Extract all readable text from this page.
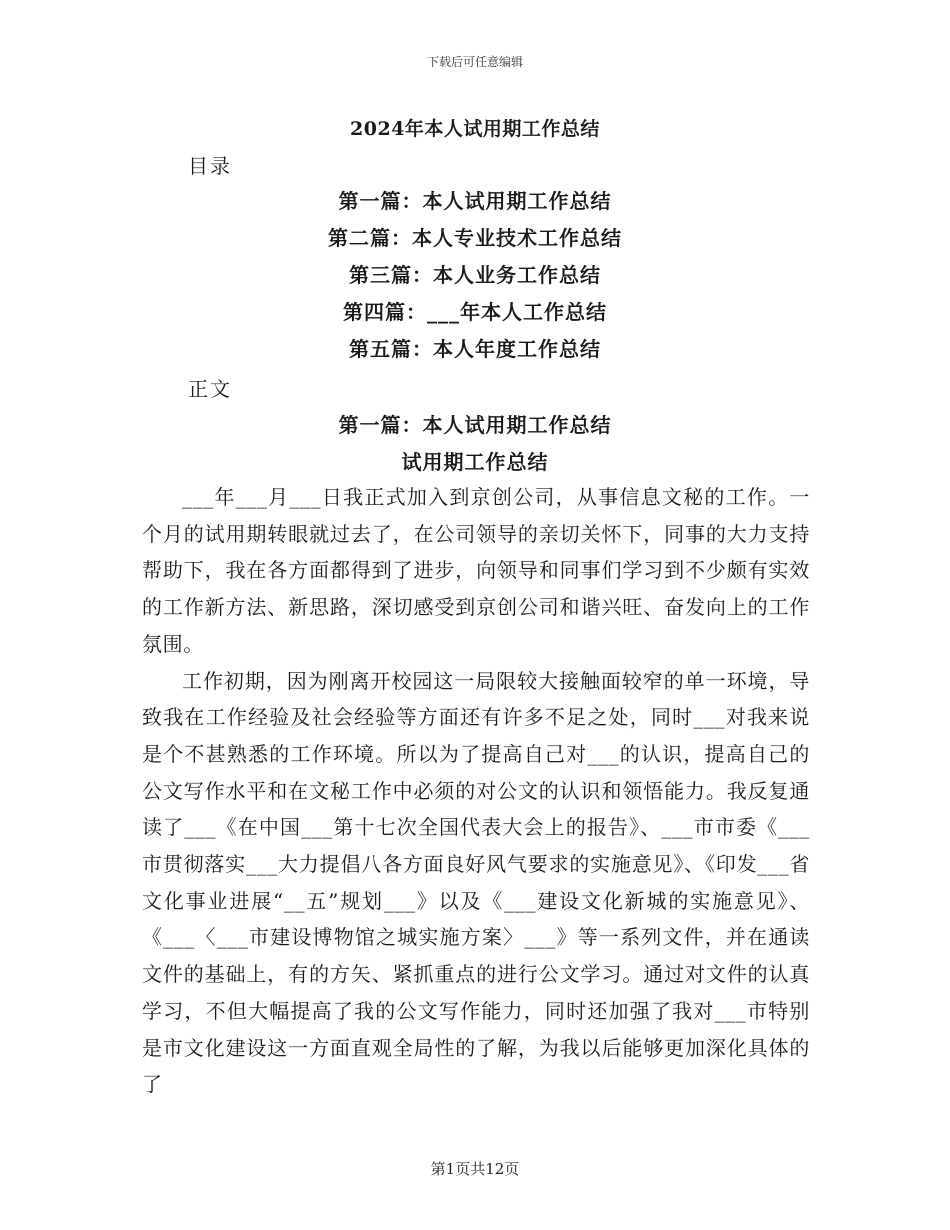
下载后可任意编辑
2024年本人试用期工作总结
目录
第一篇：本人试用期工作总结
第二篇：本人专业技术工作总结
第三篇：本人业务工作总结
第四篇：___年本人工作总结
第五篇：本人年度工作总结
正文
第一篇：本人试用期工作总结
试用期工作总结

___年___月___日我正式加入到京创公司，从事信息文秘的工作。一个月的试用期转眼就过去了，在公司领导的亲切关怀下，同事的大力支持帮助下，我在各方面都得到了进步，向领导和同事们学习到不少颇有实效的工作新方法、新思路，深切感受到京创公司和谐兴旺、奋发向上的工作氛围。

工作初期，因为刚离开校园这一局限较大接触面较窄的单一环境，导致我在工作经验及社会经验等方面还有许多不足之处，同时___对我来说是个不甚熟悉的工作环境。所以为了提高自己对___的认识，提高自己的公文写作水平和在文秘工作中必须的对公文的认识和领悟能力。我反复通读了___《在中国___第十七次全国代表大会上的报告》、___市市委《___市贯彻落实___大力提倡八各方面良好风气要求的实施意见》、《印发___省文化事业进展“__五”规划___》以及《___建设文化新城的实施意见》、《___〈___市建设博物馆之城实施方案〉___》等一系列文件，并在通读文件的基础上，有的方矢、紧抓重点的进行公文学习。通过对文件的认真学习，不但大幅提高了我的公文写作能力，同时还加强了我对___市特别是市文化建设这一方面直观全局性的了解，为我以后能够更加深化具体的了

第1页共12页
